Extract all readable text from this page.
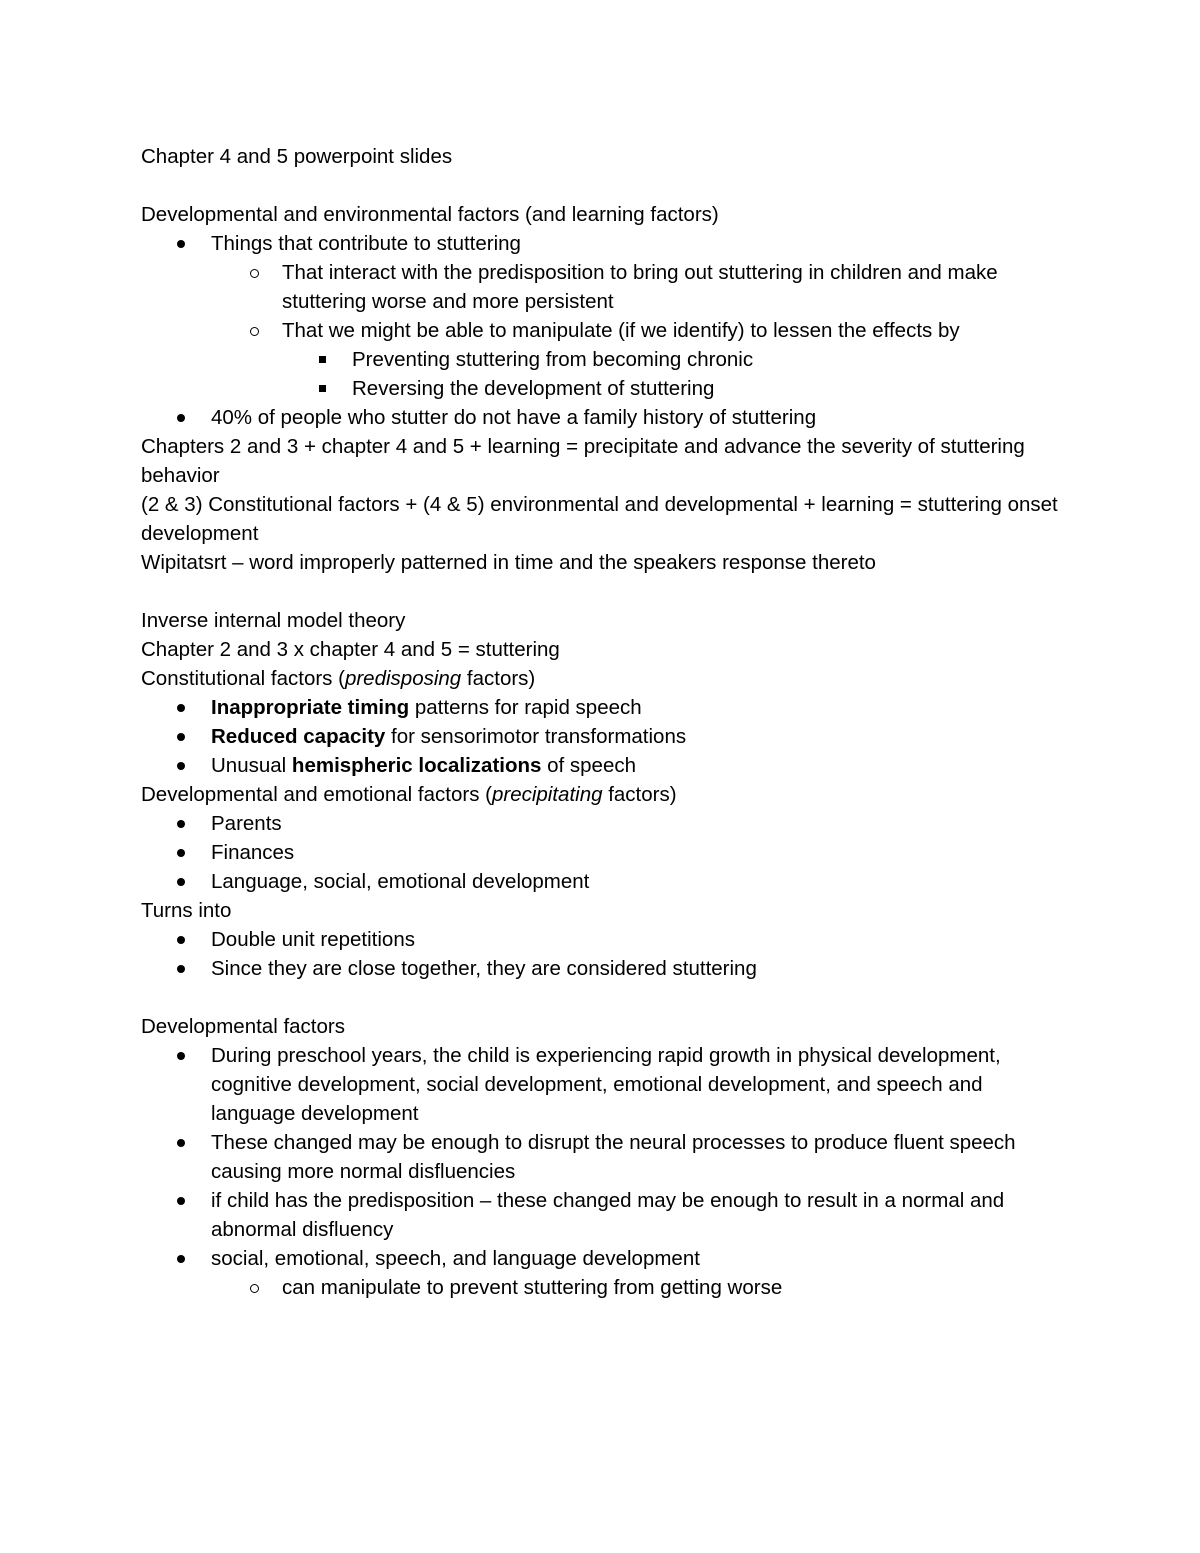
Chapter 4 and 5 powerpoint slides

Developmental and environmental factors (and learning factors)

Things that contribute to stuttering
That interact with the predisposition to bring out stuttering in children and make stuttering worse and more persistent
That we might be able to manipulate (if we identify) to lessen the effects by
Preventing stuttering from becoming chronic
Reversing the development of stuttering
40% of people who stutter do not have a family history of stuttering

Chapters 2 and 3 + chapter 4 and 5 + learning = precipitate and advance the severity of stuttering behavior

(2 & 3) Constitutional factors + (4 & 5) environmental and developmental + learning = stuttering onset development

Wipitatsrt – word improperly patterned in time and the speakers response thereto

Inverse internal model theory

Chapter 2 and 3 x chapter 4 and 5 = stuttering

Constitutional factors (predisposing factors)

Inappropriate timing patterns for rapid speech
Reduced capacity for sensorimotor transformations
Unusual hemispheric localizations of speech

Developmental and emotional factors (precipitating factors)

Parents
Finances
Language, social, emotional development

Turns into

Double unit repetitions
Since they are close together, they are considered stuttering

Developmental factors

During preschool years, the child is experiencing rapid growth in physical development, cognitive development, social development, emotional development, and speech and language development
These changed may be enough to disrupt the neural processes to produce fluent speech causing more normal disfluencies
if child has the predisposition – these changed may be enough to result in a normal and abnormal disfluency
social, emotional, speech, and language development
can manipulate to prevent stuttering from getting worse
